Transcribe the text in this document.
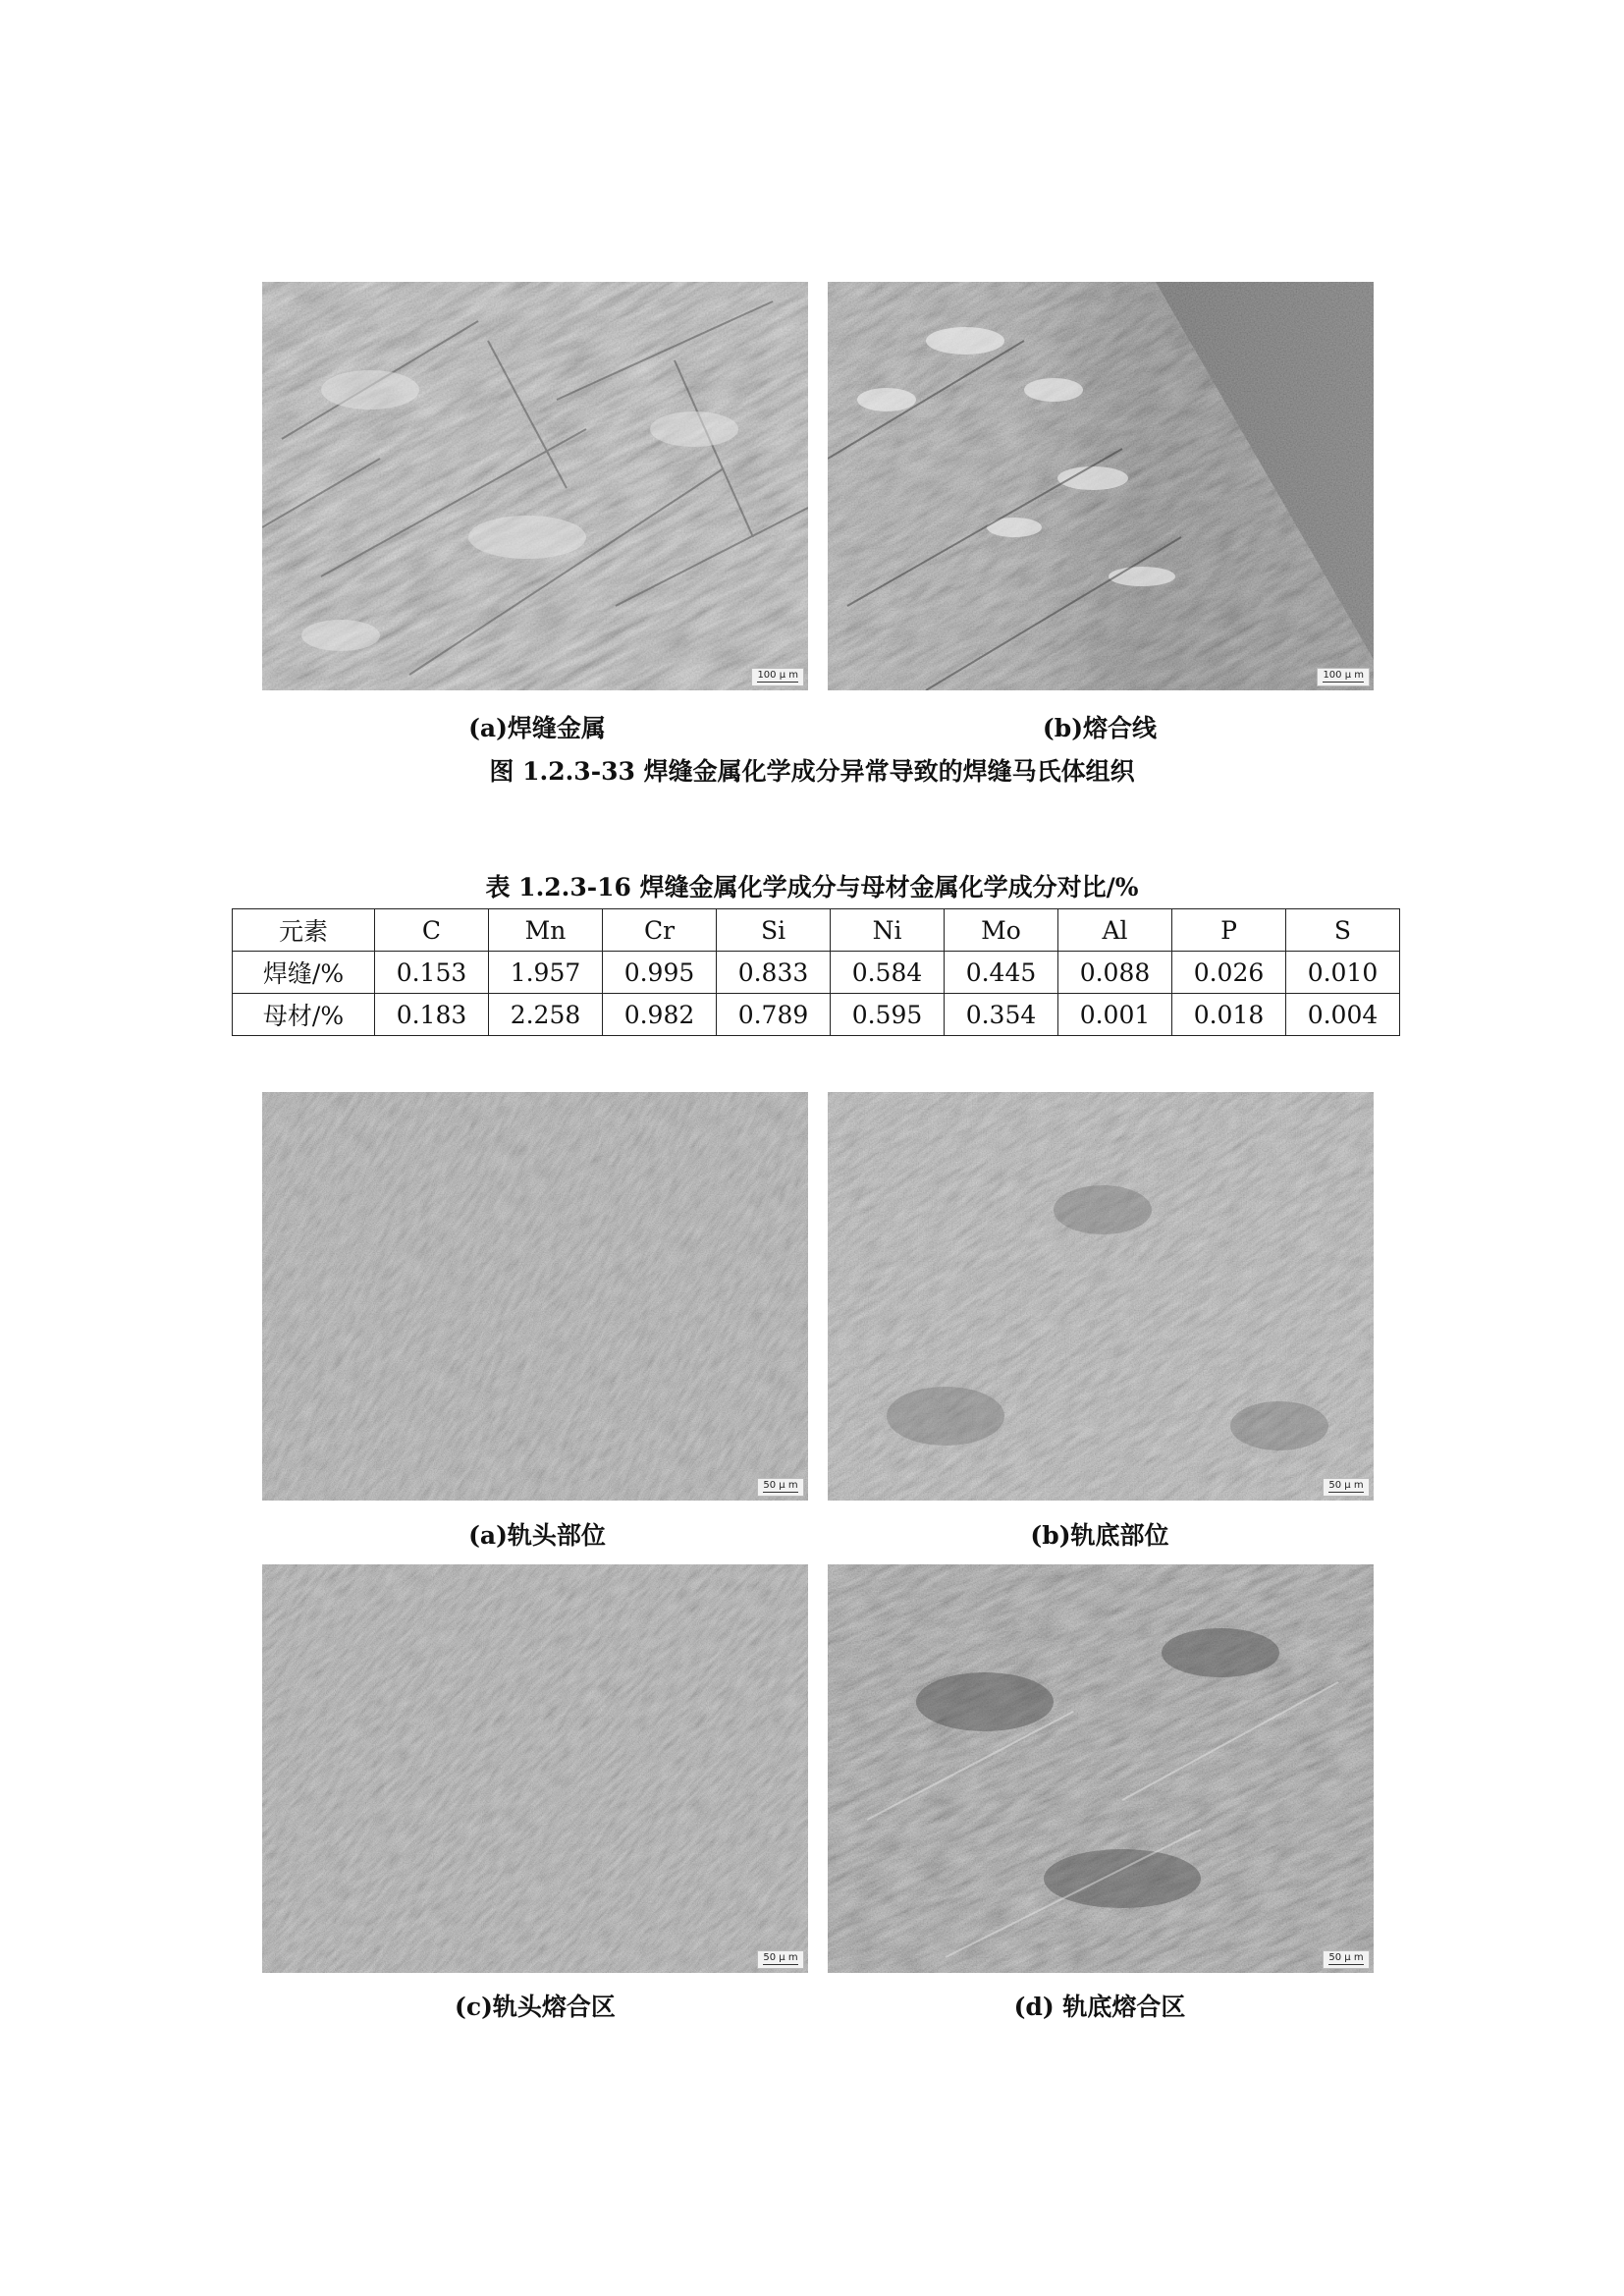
100 μ m	100 μ m
(a)焊缝金属	(b)熔合线
图 1.2.3-33 焊缝金属化学成分异常导致的焊缝马氏体组织
表 1.2.3-16 焊缝金属化学成分与母材金属化学成分对比/%
元素	C	Mn	Cr	Si	Ni	Mo	Al	P	S
焊缝/%	0.153	1.957	0.995	0.833	0.584	0.445	0.088	0.026	0.010
母材/%	0.183	2.258	0.982	0.789	0.595	0.354	0.001	0.018	0.004
50 μ m	50 μ m
(a)轨头部位	(b)轨底部位
50 μ m	50 μ m
(c)轨头熔合区	(d) 轨底熔合区
